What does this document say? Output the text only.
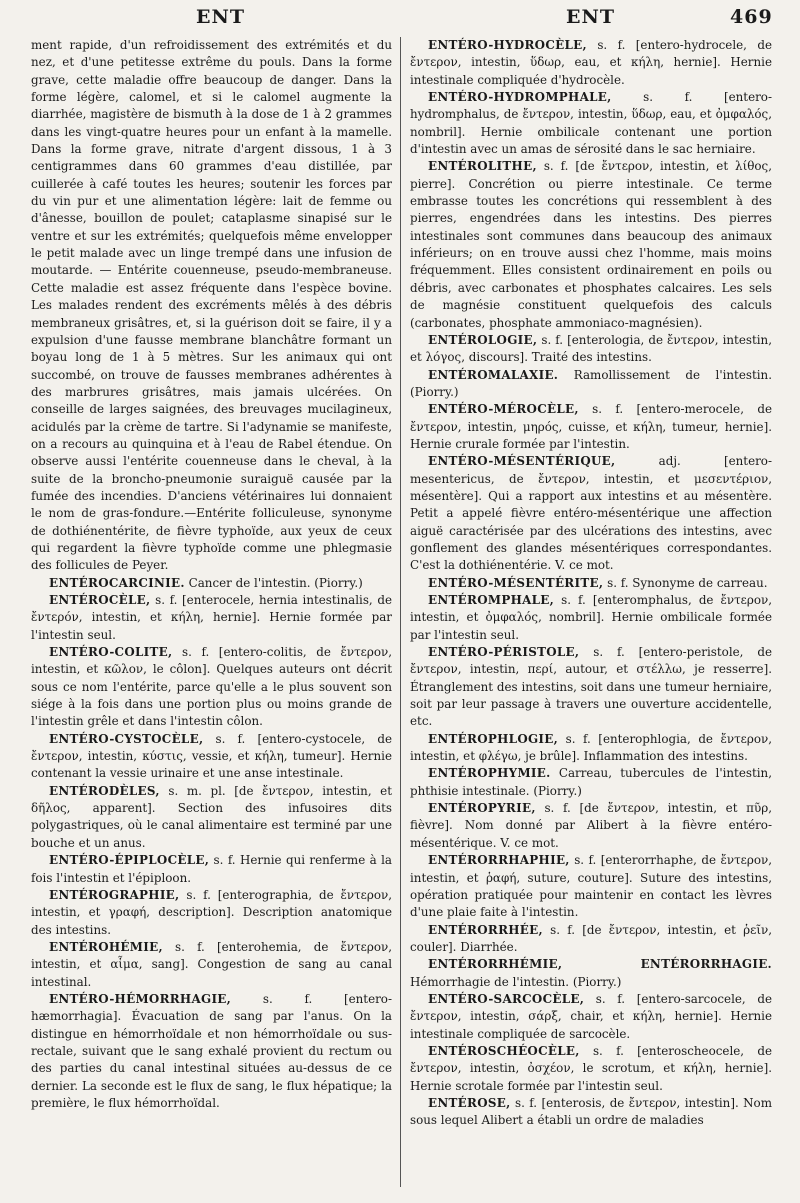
ENT	ENT	469

ment rapide, d'un refroidissement des extrémités et du nez, et d'une petitesse extrême du pouls. Dans la forme grave, cette maladie offre beaucoup de danger. Dans la forme légère, calomel, et si le calomel augmente la diarrhée, magistère de bismuth à la dose de 1 à 2 grammes dans les vingt-quatre heures pour un enfant à la mamelle. Dans la forme grave, nitrate d'argent dissous, 1 à 3 centigrammes dans 60 grammes d'eau distillée, par cuillerée à café toutes les heures; soutenir les forces par du vin pur et une alimentation légère: lait de femme ou d'ânesse, bouillon de poulet; cataplasme sinapisé sur le ventre et sur les extrémités; quelquefois même envelopper le petit malade avec un linge trempé dans une infusion de moutarde. — Entérite couenneuse, pseudo-membraneuse. Cette maladie est assez fréquente dans l'espèce bovine. Les malades rendent des excréments mêlés à des débris membraneux grisâtres, et, si la guérison doit se faire, il y a expulsion d'une fausse membrane blanchâtre formant un boyau long de 1 à 5 mètres. Sur les animaux qui ont succombé, on trouve de fausses membranes adhérentes à des marbrures grisâtres, mais jamais ulcérées. On conseille de larges saignées, des breuvages mucilagineux, acidulés par la crème de tartre. Si l'adynamie se manifeste, on a recours au quinquina et à l'eau de Rabel étendue. On observe aussi l'entérite couenneuse dans le cheval, à la suite de la broncho-pneumonie suraiguë causée par la fumée des incendies. D'anciens vétérinaires lui donnaient le nom de gras-fondure.—Entérite folliculeuse, synonyme de dothiénentérite, de fièvre typhoïde, aux yeux de ceux qui regardent la fièvre typhoïde comme une phlegmasie des follicules de Peyer.

ENTÉROCARCINIE. Cancer de l'intestin. (Piorry.)

ENTÉROCÈLE, s. f. [enterocele, hernia intestinalis, de ἔντερόν, intestin, et κήλη, hernie]. Hernie formée par l'intestin seul.

ENTÉRO-COLITE, s. f. [entero-colitis, de ἔντερον, intestin, et κῶλον, le côlon]. Quelques auteurs ont décrit sous ce nom l'entérite, parce qu'elle a le plus souvent son siége à la fois dans une portion plus ou moins grande de l'intestin grêle et dans l'intestin côlon.

ENTÉRO-CYSTOCÈLE, s. f. [entero-cystocele, de ἔντερον, intestin, κύστις, vessie, et κήλη, tumeur]. Hernie contenant la vessie urinaire et une anse intestinale.

ENTÉRODÈLES, s. m. pl. [de ἔντερον, intestin, et δῆλος, apparent]. Section des infusoires dits polygastriques, où le canal alimentaire est terminé par une bouche et un anus.

ENTÉRO-ÉPIPLOCÈLE, s. f. Hernie qui renferme à la fois l'intestin et l'épiploon.

ENTÉROGRAPHIE, s. f. [enterographia, de ἔντερον, intestin, et γραφή, description]. Description anatomique des intestins.

ENTÉROHÉMIE, s. f. [enterohemia, de ἔντερον, intestin, et αἷμα, sang]. Congestion de sang au canal intestinal.

ENTÉRO-HÉMORRHAGIE, s. f. [entero-hæmorrhagia]. Évacuation de sang par l'anus. On la distingue en hémorrhoïdale et non hémorrhoïdale ou sus-rectale, suivant que le sang exhalé provient du rectum ou des parties du canal intestinal situées au-dessus de ce dernier. La seconde est le flux de sang, le flux hépatique; la première, le flux hémorrhoïdal.

ENTÉRO-HYDROCÈLE, s. f. [entero-hydrocele, de ἔντερον, intestin, ὕδωρ, eau, et κήλη, hernie]. Hernie intestinale compliquée d'hydrocèle.

ENTÉRO-HYDROMPHALE, s. f. [entero-hydromphalus, de ἔντερον, intestin, ὕδωρ, eau, et ὀμφαλός, nombril]. Hernie ombilicale contenant une portion d'intestin avec un amas de sérosité dans le sac herniaire.

ENTÉROLITHE, s. f. [de ἔντερον, intestin, et λίθος, pierre]. Concrétion ou pierre intestinale. Ce terme embrasse toutes les concrétions qui ressemblent à des pierres, engendrées dans les intestins. Des pierres intestinales sont communes dans beaucoup des animaux inférieurs; on en trouve aussi chez l'homme, mais moins fréquemment. Elles consistent ordinairement en poils ou débris, avec carbonates et phosphates calcaires. Les sels de magnésie constituent quelquefois des calculs (carbonates, phosphate ammoniaco-magnésien).

ENTÉROLOGIE, s. f. [enterologia, de ἔντερον, intestin, et λόγος, discours]. Traité des intestins.

ENTÉROMALAXIE. Ramollissement de l'intestin. (Piorry.)

ENTÉRO-MÉROCÈLE, s. f. [entero-merocele, de ἔντερον, intestin, μηρός, cuisse, et κήλη, tumeur, hernie]. Hernie crurale formée par l'intestin.

ENTÉRO-MÉSENTÉRIQUE, adj. [entero-mesentericus, de ἔντερον, intestin, et μεσεντέριον, mésentère]. Qui a rapport aux intestins et au mésentère. Petit a appelé fièvre entéro-mésentérique une affection aiguë caractérisée par des ulcérations des intestins, avec gonflement des glandes mésentériques correspondantes. C'est la dothiénentérie. V. ce mot.

ENTÉRO-MÉSENTÉRITE, s. f. Synonyme de carreau.

ENTÉROMPHALE, s. f. [enteromphalus, de ἔντερον, intestin, et ὀμφαλός, nombril]. Hernie ombilicale formée par l'intestin seul.

ENTÉRO-PÉRISTOLE, s. f. [entero-peristole, de ἔντερον, intestin, περί, autour, et στέλλω, je resserre]. Étranglement des intestins, soit dans une tumeur herniaire, soit par leur passage à travers une ouverture accidentelle, etc.

ENTÉROPHLOGIE, s. f. [enterophlogia, de ἔντερον, intestin, et φλέγω, je brûle]. Inflammation des intestins.

ENTÉROPHYMIE. Carreau, tubercules de l'intestin, phthisie intestinale. (Piorry.)

ENTÉROPYRIE, s. f. [de ἔντερον, intestin, et πῦρ, fièvre]. Nom donné par Alibert à la fièvre entéro-mésentérique. V. ce mot.

ENTÉRORRHAPHIE, s. f. [enterorrhaphe, de ἔντερον, intestin, et ῥαφή, suture, couture]. Suture des intestins, opération pratiquée pour maintenir en contact les lèvres d'une plaie faite à l'intestin.

ENTÉRORRHÉE, s. f. [de ἔντερον, intestin, et ῥεῖν, couler]. Diarrhée.

ENTÉRORRHÉMIE, ENTÉRORRHAGIE. Hémorrhagie de l'intestin. (Piorry.)

ENTÉRO-SARCOCÈLE, s. f. [entero-sarcocele, de ἔντερον, intestin, σάρξ, chair, et κήλη, hernie]. Hernie intestinale compliquée de sarcocèle.

ENTÉROSCHÉOCÈLE, s. f. [enteroscheocele, de ἔντερον, intestin, ὀσχέον, le scrotum, et κήλη, hernie]. Hernie scrotale formée par l'intestin seul.

ENTÉROSE, s. f. [enterosis, de ἔντερον, intestin]. Nom sous lequel Alibert a établi un ordre de maladies
